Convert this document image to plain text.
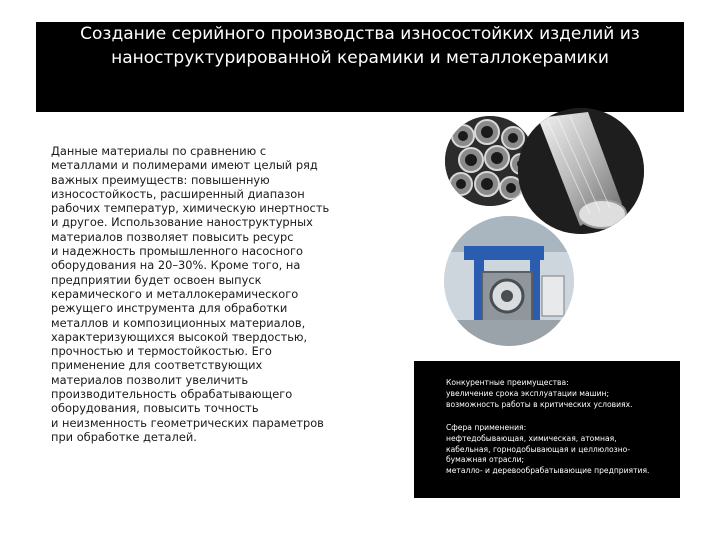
Создание серийного производства износостойких изделий из наноструктурированной керамики и металлокерамики
Данные материалы по сравнению с
металлами и полимерами имеют целый ряд
важных преимуществ: повышенную
износостойкость, расширенный диапазон
рабочих температур, химическую инертность
и другое. Использование наноструктурных
материалов позволяет повысить ресурс
и надежность промышленного насосного
оборудования на 20–30%. Кроме того, на
предприятии будет освоен выпуск
керамического и металлокерамического
режущего инструмента для обработки
металлов и композиционных материалов,
характеризующихся высокой твердостью,
прочностью и термостойкостью. Его
применение для соответствующих
материалов позволит увеличить
производительность обрабатывающего
оборудования, повысить точность
и неизменность геометрических параметров
при обработке деталей.
Конкурентные преимущества:
увеличение срока эксплуатации машин;
возможность работы в критических условиях.
Сфера применения:
нефтедобывающая, химическая, атомная,
кабельная, горнодобывающая и целлюлозно-
бумажная отрасли;
металло- и деревообрабатывающие предприятия.
